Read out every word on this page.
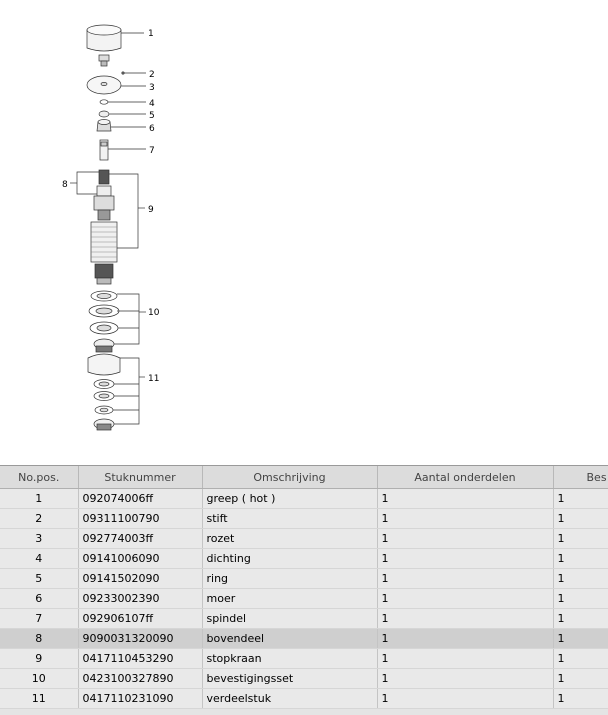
1
2
3
4
5
6
7
8
9
10
11
No.pos.	Stuknummer	Omschrijving	Aantal onderdelen	Bes
1	092074006ff	greep ( hot )	1	1
2	09311100790	stift	1	1
3	092774003ff	rozet	1	1
4	09141006090	dichting	1	1
5	09141502090	ring	1	1
6	09233002390	moer	1	1
7	092906107ff	spindel	1	1
8	9090031320090	bovendeel	1	1
9	0417110453290	stopkraan	1	1
10	0423100327890	bevestigingsset	1	1
11	0417110231090	verdeelstuk	1	1
